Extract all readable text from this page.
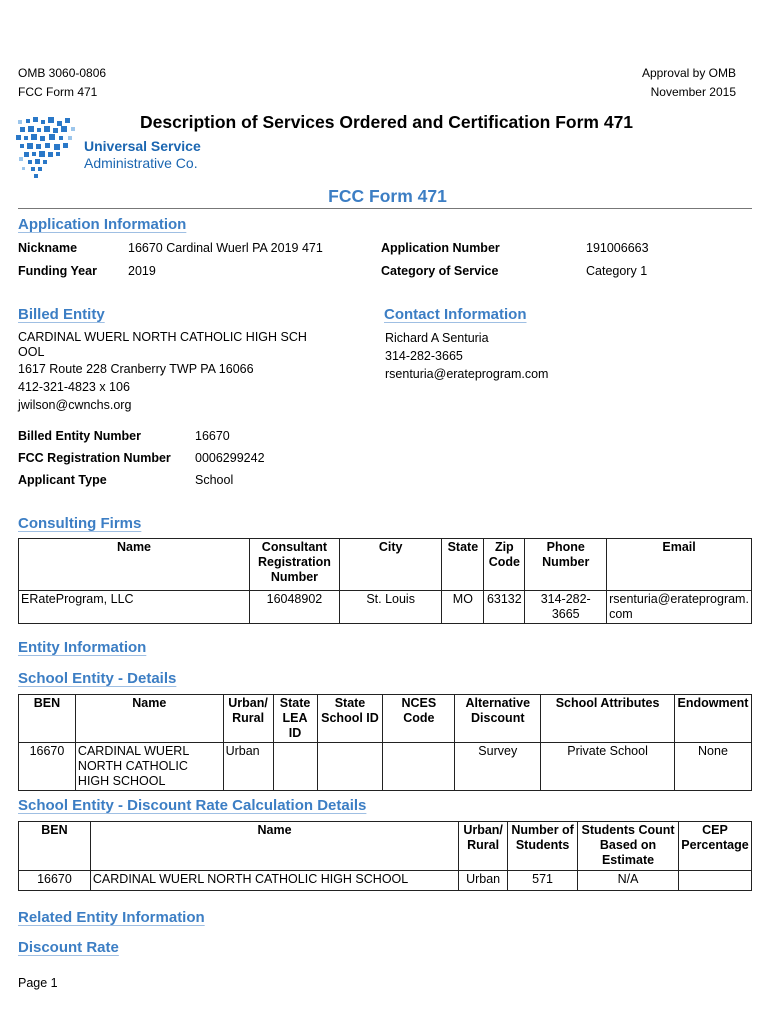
OMB 3060-0806
FCC Form 471
Approval by OMB
November 2015
Description of Services Ordered and Certification Form 471
Universal Service
Administrative Co.
FCC Form 471
Application Information
Nickname	16670 Cardinal Wuerl PA 2019 471
Funding Year 2019
Application Number	191006663
Category of Service	Category 1
Billed Entity
CARDINAL WUERL NORTH CATHOLIC HIGH SCH
OOL
1617 Route 228 Cranberry TWP PA 16066
412-321-4823 x 106
jwilson@cwnchs.org
Billed Entity Number	16670
FCC Registration Number 0006299242
Applicant Type	School
Contact Information
Richard A Senturia
314-282-3665
rsenturia@erateprogram.com
Consulting Firms
Name	Consultant Registration Number	City	State	Zip Code	Phone Number	Email
ERateProgram, LLC	16048902	St. Louis	MO	63132	314-282-3665	rsenturia@erateprogram.
com
Entity Information
School Entity - Details
BEN	Name	Urban/ Rural	State LEA ID	State School ID	NCES Code	Alternative Discount	School Attributes	Endowment
16670	CARDINAL WUERL NORTH CATHOLIC HIGH SCHOOL	Urban				Survey	Private School	None
School Entity - Discount Rate Calculation Details
BEN	Name	Urban/ Rural	Number of Students	Students Count Based on Estimate	CEP Percentage
16670	CARDINAL WUERL NORTH CATHOLIC HIGH SCHOOL	Urban	571	N/A	
Related Entity Information
Discount Rate
Page 1
